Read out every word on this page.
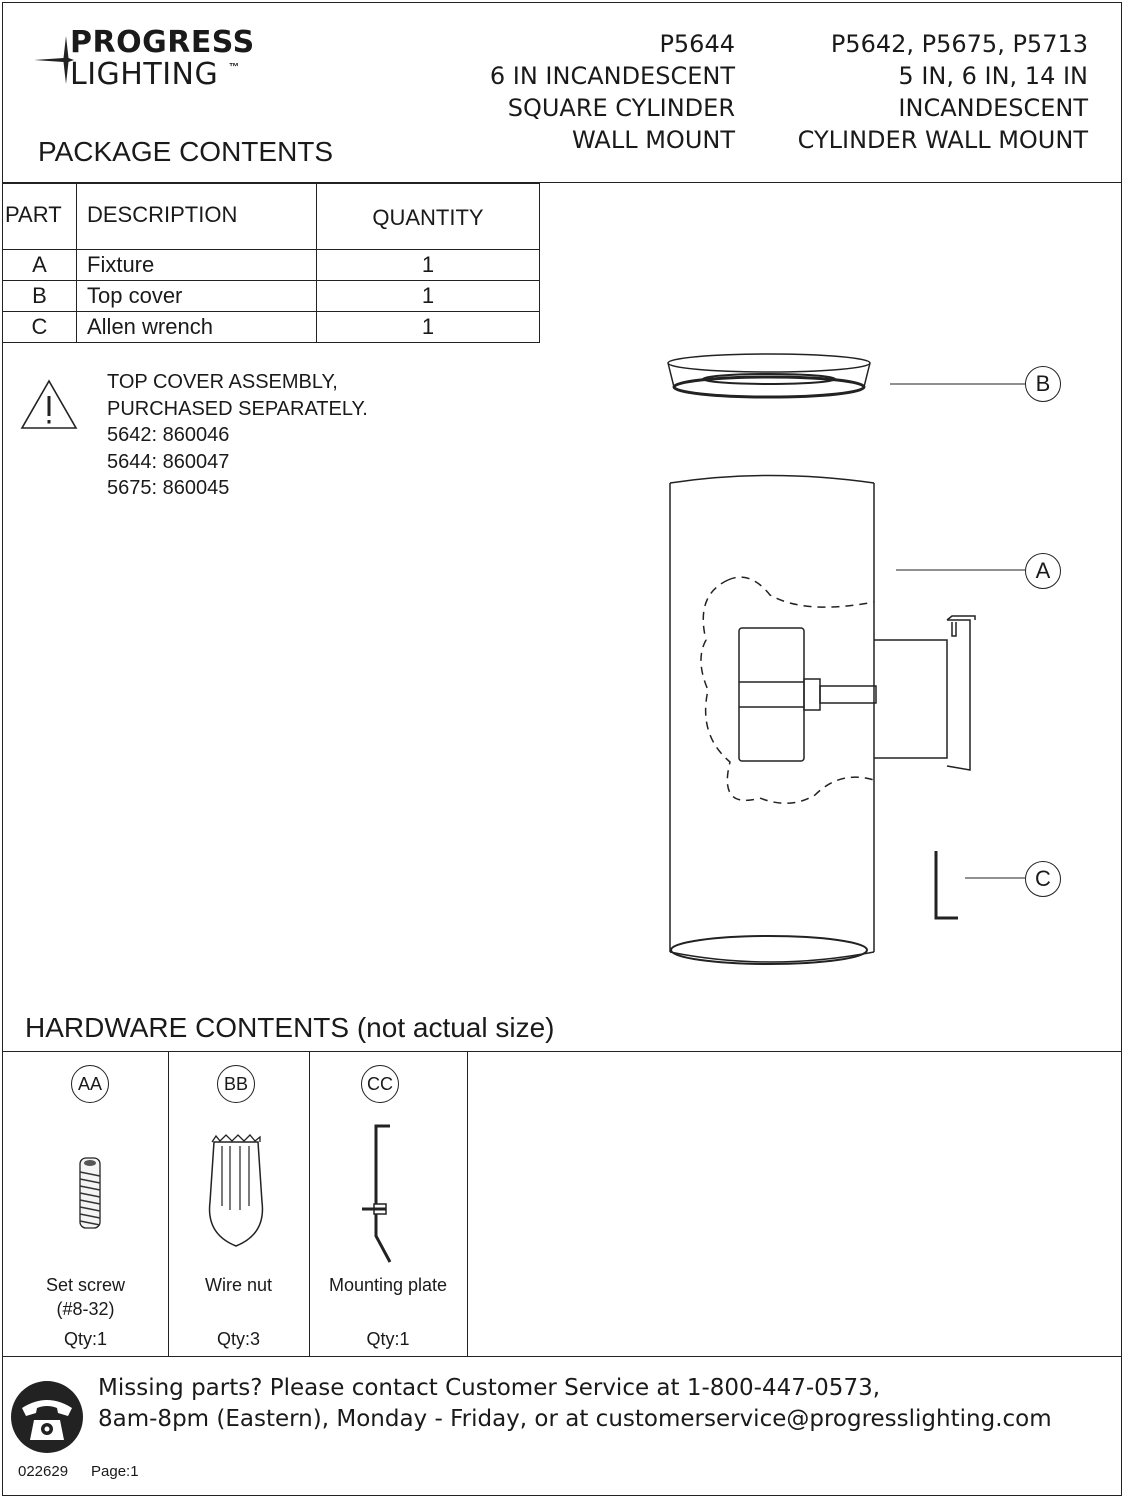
PROGRESS
LIGHTING ™
P5644
6 IN INCANDESCENT
SQUARE CYLINDER
WALL MOUNT
P5642, P5675, P5713
5 IN, 6 IN, 14 IN
INCANDESCENT
CYLINDER WALL MOUNT
PACKAGE CONTENTS
PART	DESCRIPTION	QUANTITY
A	Fixture	1
B	Top cover	1
C	Allen wrench	1
TOP COVER ASSEMBLY,
PURCHASED SEPARATELY.
5642: 860046
5644: 860047
5675: 860045
B
A
C
HARDWARE CONTENTS (not actual size)
AA	BB	CC
Set screw
(#8-32)
Qty:1
Wire nut
Qty:3
Mounting plate
Qty:1
Missing parts? Please contact Customer Service at 1-800-447-0573,
8am-8pm (Eastern), Monday - Friday, or at customerservice@progresslighting.com
022629 Page:1
